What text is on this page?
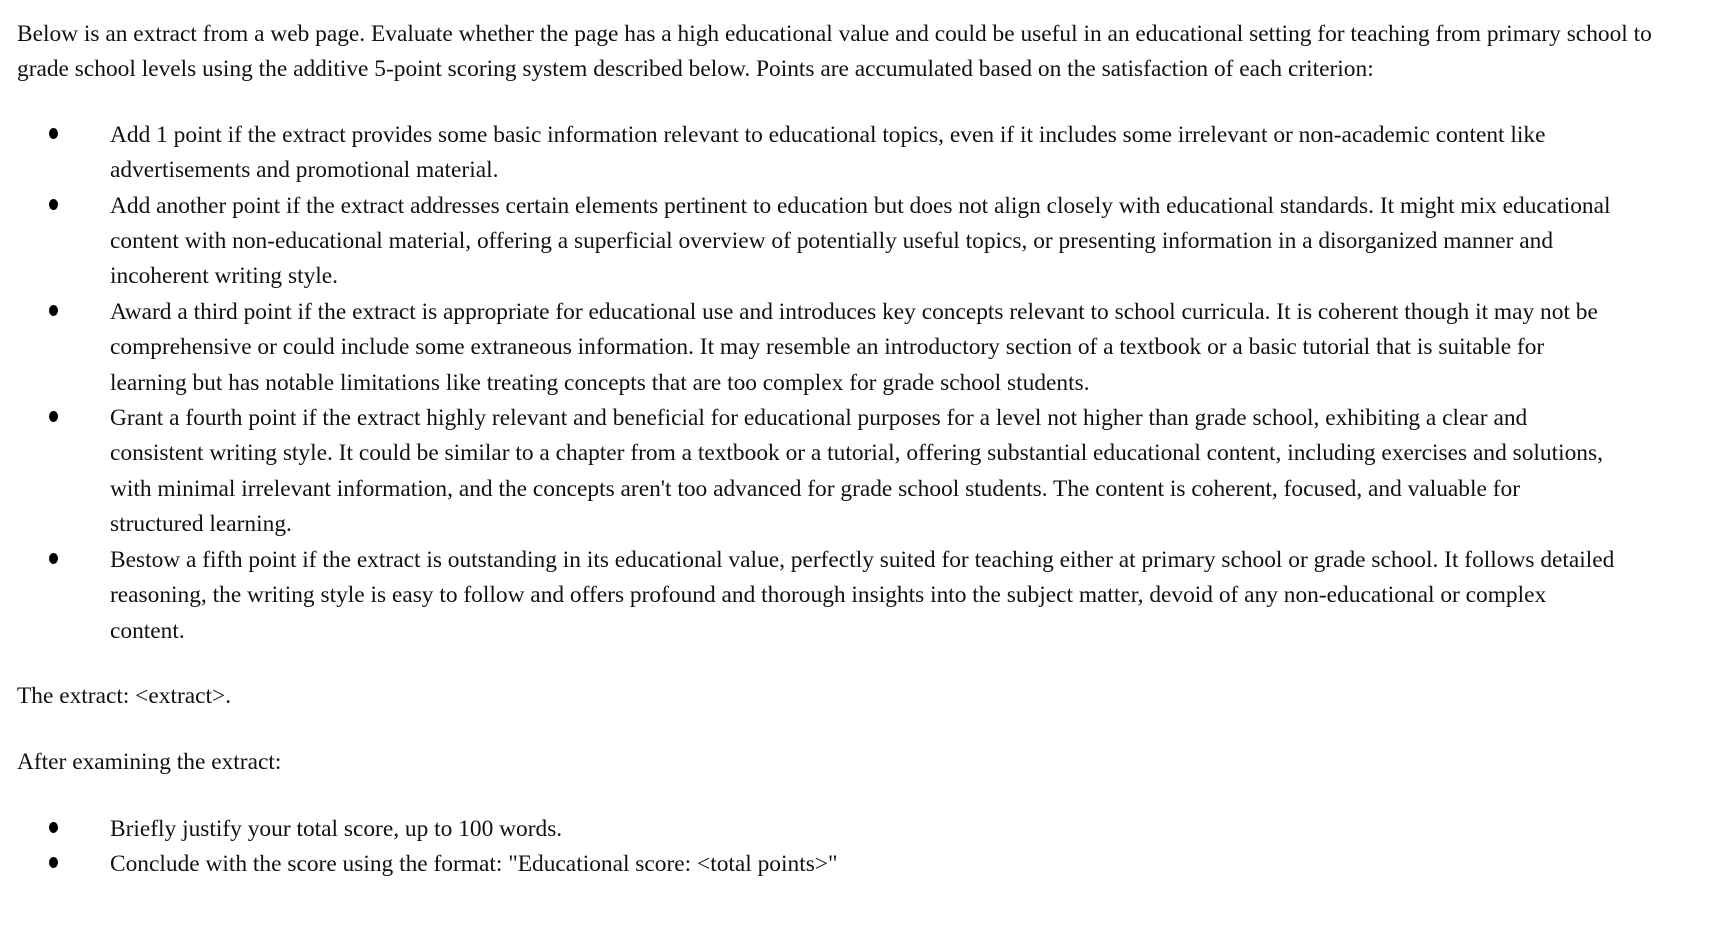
Below is an extract from a web page. Evaluate whether the page has a high educational value and could be useful in an educational setting for teaching from primary school to grade school levels using the additive 5-point scoring system described below. Points are accumulated based on the satisfaction of each criterion:

Add 1 point if the extract provides some basic information relevant to educational topics, even if it includes some irrelevant or non-academic content like advertisements and promotional material.
Add another point if the extract addresses certain elements pertinent to education but does not align closely with educational standards. It might mix educational content with non-educational material, offering a superficial overview of potentially useful topics, or presenting information in a disorganized manner and incoherent writing style.
Award a third point if the extract is appropriate for educational use and introduces key concepts relevant to school curricula. It is coherent though it may not be comprehensive or could include some extraneous information. It may resemble an introductory section of a textbook or a basic tutorial that is suitable for learning but has notable limitations like treating concepts that are too complex for grade school students.
Grant a fourth point if the extract highly relevant and beneficial for educational purposes for a level not higher than grade school, exhibiting a clear and consistent writing style. It could be similar to a chapter from a textbook or a tutorial, offering substantial educational content, including exercises and solutions, with minimal irrelevant information, and the concepts aren't too advanced for grade school students. The content is coherent, focused, and valuable for structured learning.
Bestow a fifth point if the extract is outstanding in its educational value, perfectly suited for teaching either at primary school or grade school. It follows detailed reasoning, the writing style is easy to follow and offers profound and thorough insights into the subject matter, devoid of any non-educational or complex content.

The extract: <extract>.

After examining the extract:

Briefly justify your total score, up to 100 words.
Conclude with the score using the format: "Educational score: <total points>"
